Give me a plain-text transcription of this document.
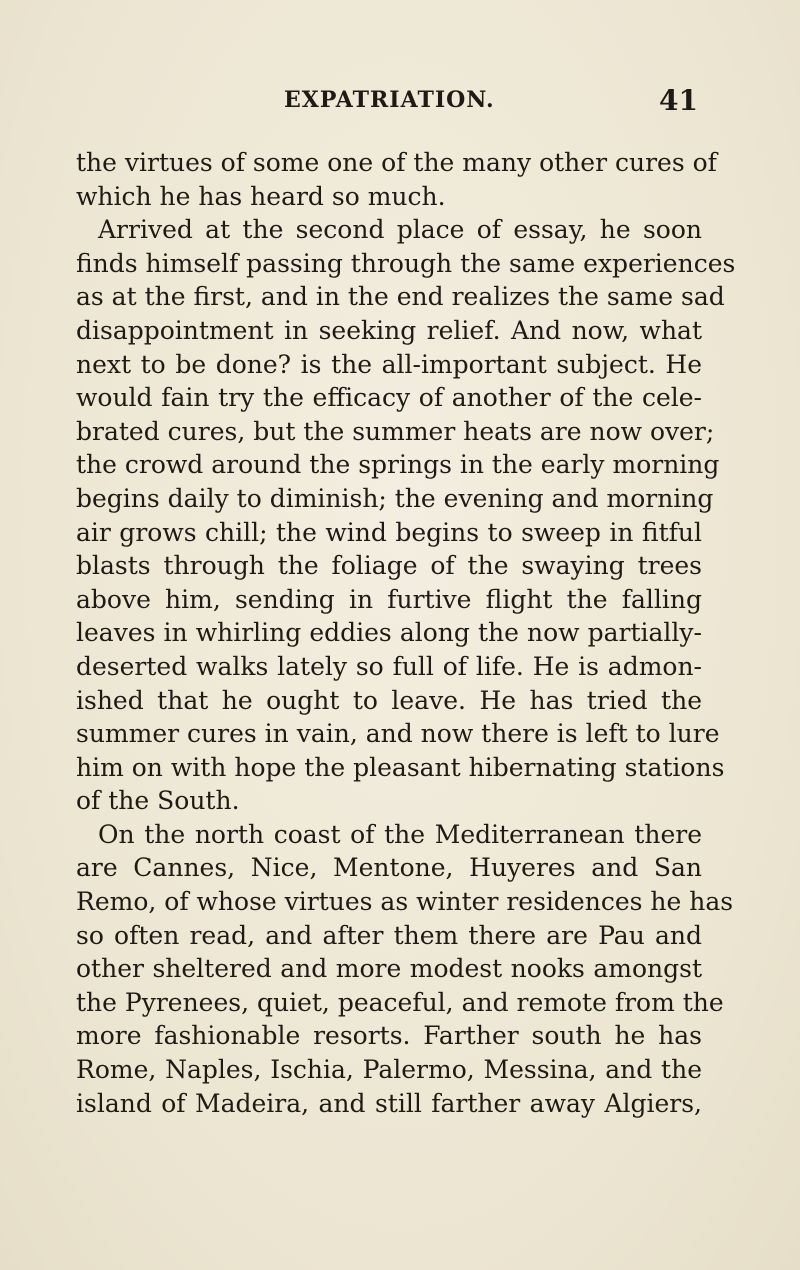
EXPATRIATION.	41
the virtues of some one of the many other cures of
which he has heard so much.
Arrived at the second place of essay, he soon
finds himself passing through the same experiences
as at the first, and in the end realizes the same sad
disappointment in seeking relief. And now, what
next to be done? is the all-important subject. He
would fain try the efficacy of another of the cele-
brated cures, but the summer heats are now over;
the crowd around the springs in the early morning
begins daily to diminish; the evening and morning
air grows chill; the wind begins to sweep in fitful
blasts through the foliage of the swaying trees
above him, sending in furtive flight the falling
leaves in whirling eddies along the now partially-
deserted walks lately so full of life. He is admon-
ished that he ought to leave. He has tried the
summer cures in vain, and now there is left to lure
him on with hope the pleasant hibernating stations
of the South.
On the north coast of the Mediterranean there
are Cannes, Nice, Mentone, Huyeres and San
Remo, of whose virtues as winter residences he has
so often read, and after them there are Pau and
other sheltered and more modest nooks amongst
the Pyrenees, quiet, peaceful, and remote from the
more fashionable resorts. Farther south he has
Rome, Naples, Ischia, Palermo, Messina, and the
island of Madeira, and still farther away Algiers,
